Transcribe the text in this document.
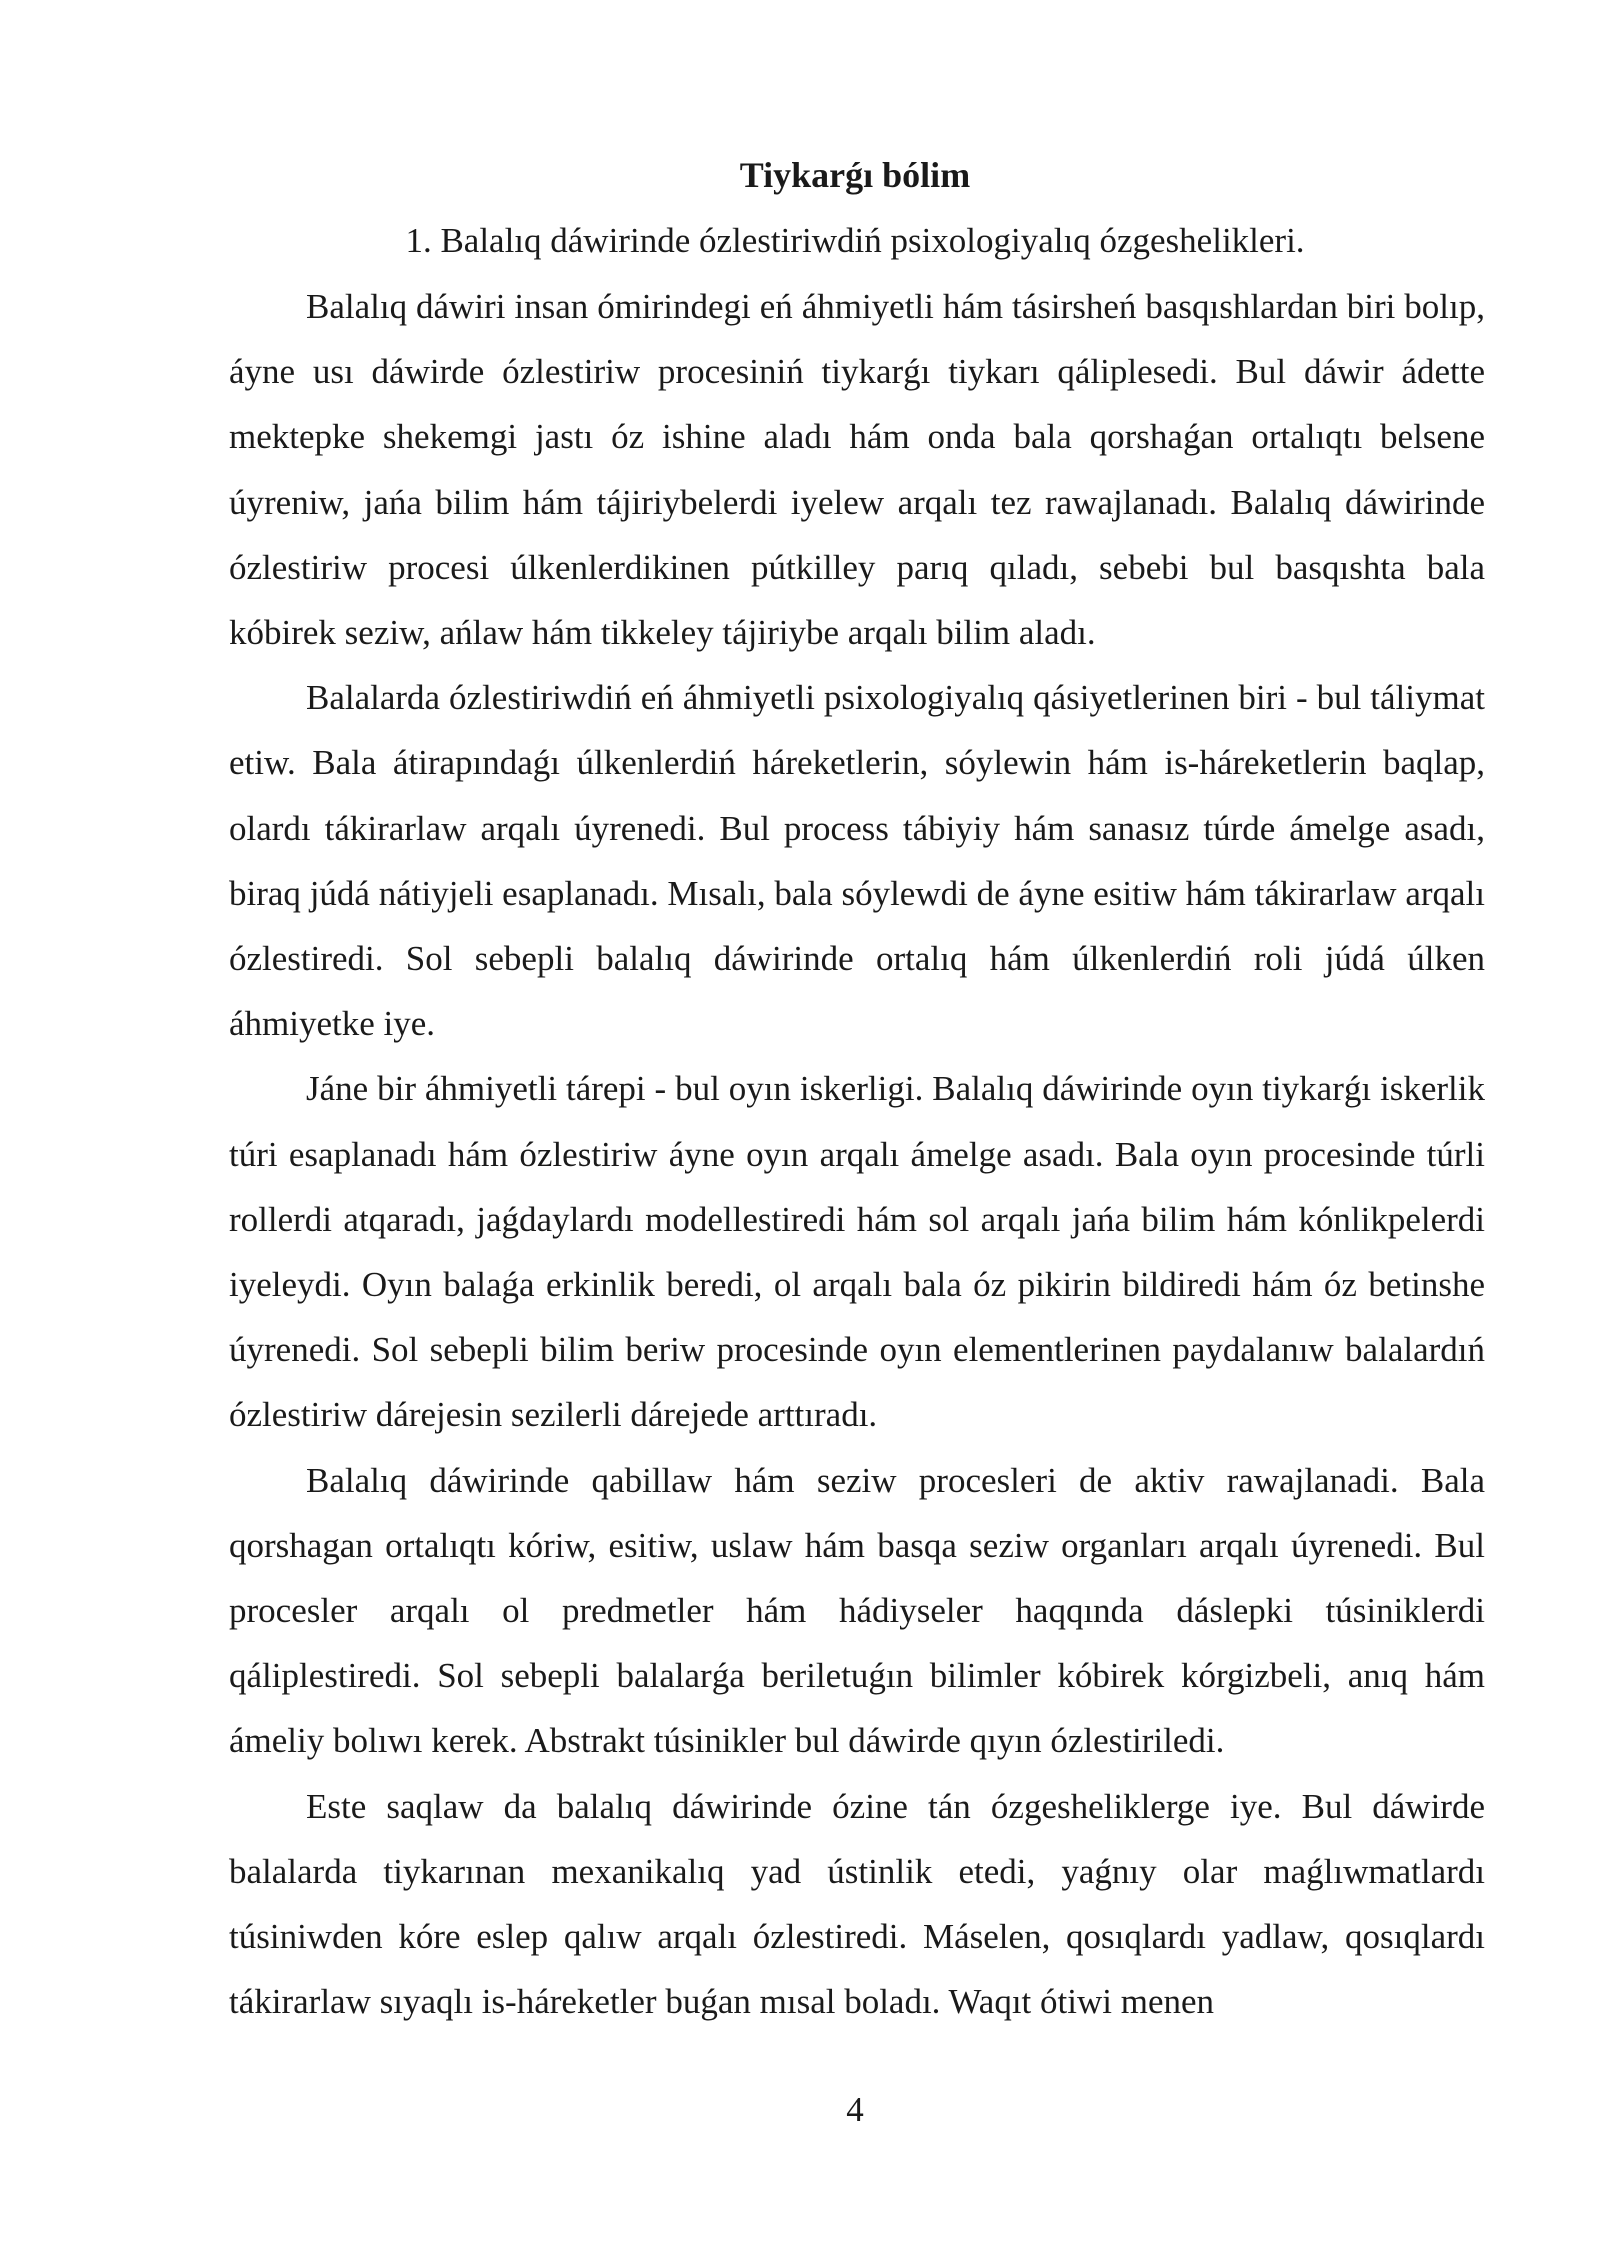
Tiykarǵı bólim
1. Balalıq dáwirinde ózlestiriwdiń psixologiyalıq ózgeshelikleri.

Balalıq dáwiri insan ómirindegi eń áhmiyetli hám tásirsheń basqıshlardan biri bolıp, áyne usı dáwirde ózlestiriw procesiniń tiykarǵı tiykarı qáliplesedi. Bul dáwir ádette mektepke shekemgi jastı óz ishine aladı hám onda bala qorshaǵan ortalıqtı belsene úyreniw, jańa bilim hám tájiriybelerdi iyelew arqalı tez rawajlanadı. Balalıq dáwirinde ózlestiriw procesi úlkenlerdikinen pútkilley parıq qıladı, sebebi bul basqıshta bala kóbirek seziw, ańlaw hám tikkeley tájiriybe arqalı bilim aladı.

Balalarda ózlestiriwdiń eń áhmiyetli psixologiyalıq qásiyetlerinen biri - bul táliymat etiw. Bala átirapındaǵı úlkenlerdiń háreketlerin, sóylewin hám is-háreketlerin baqlap, olardı tákirarlaw arqalı úyrenedi. Bul process tábiyiy hám sanasız túrde ámelge asadı, biraq júdá nátiyjeli esaplanadı. Mısalı, bala sóylewdi de áyne esitiw hám tákirarlaw arqalı ózlestiredi. Sol sebepli balalıq dáwirinde ortalıq hám úlkenlerdiń roli júdá úlken áhmiyetke iye.

Jáne bir áhmiyetli tárepi - bul oyın iskerligi. Balalıq dáwirinde oyın tiykarǵı iskerlik túri esaplanadı hám ózlestiriw áyne oyın arqalı ámelge asadı. Bala oyın procesinde túrli rollerdi atqaradı, jaǵdaylardı modellestiredi hám sol arqalı jańa bilim hám kónlikpelerdi iyeleydi. Oyın balaǵa erkinlik beredi, ol arqalı bala óz pikirin bildiredi hám óz betinshe úyrenedi. Sol sebepli bilim beriw procesinde oyın elementlerinen paydalanıw balalardıń ózlestiriw dárejesin sezilerli dárejede arttıradı.

Balalıq dáwirinde qabillaw hám seziw procesleri de aktiv rawajlanadi. Bala qorshagan ortalıqtı kóriw, esitiw, uslaw hám basqa seziw organları arqalı úyrenedi. Bul procesler arqalı ol predmetler hám hádiyseler haqqında dáslepki túsiniklerdi qáliplestiredi. Sol sebepli balalarǵa beriletuǵın bilimler kóbirek kórgizbeli, anıq hám ámeliy bolıwı kerek. Abstrakt túsinikler bul dáwirde qıyın ózlestiriledi.

Este saqlaw da balalıq dáwirinde ózine tán ózgesheliklerge iye. Bul dáwirde balalarda tiykarınan mexanikalıq yad ústinlik etedi, yaǵnıy olar maǵlıwmatlardı túsiniwden kóre eslep qalıw arqalı ózlestiredi. Máselen, qosıqlardı yadlaw, qosıqlardı tákirarlaw sıyaqlı is-háreketler buǵan mısal boladı. Waqıt ótiwi menen

4
